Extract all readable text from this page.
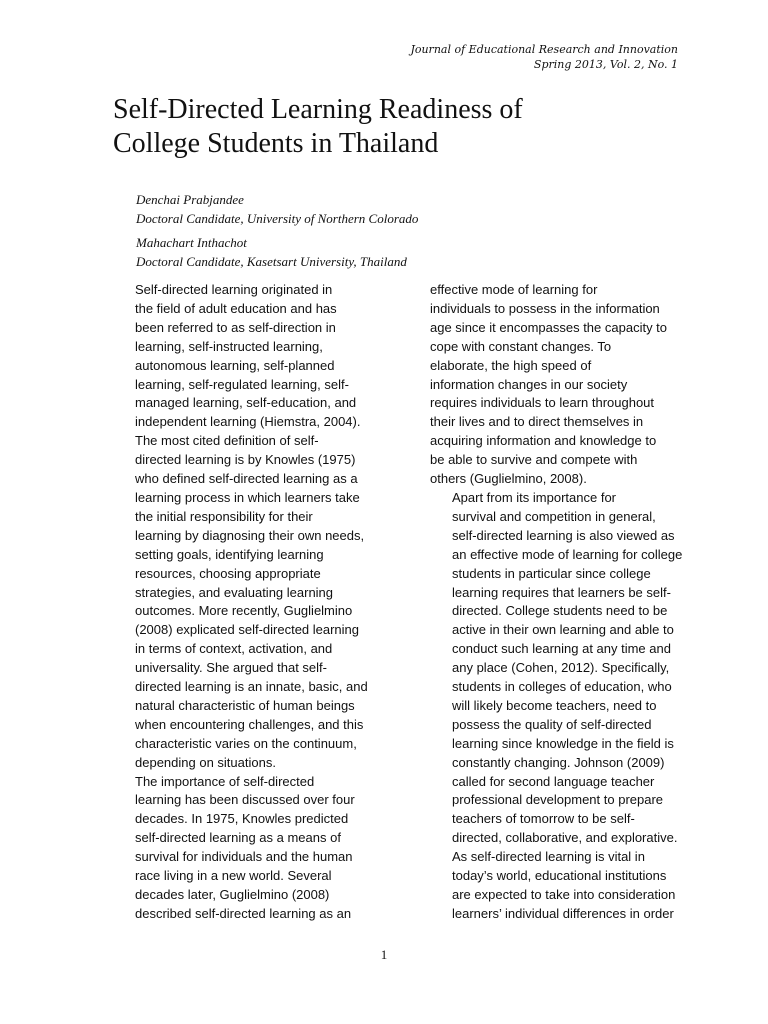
Journal of Educational Research and Innovation
Spring 2013, Vol. 2, No. 1
Self-Directed Learning Readiness of
College Students in Thailand
Denchai Prabjandee
Doctoral Candidate, University of Northern Colorado
Mahachart Inthachot
Doctoral Candidate, Kasetsart University, Thailand

Self-directed learning originated in
the field of adult education and has
been referred to as self-direction in
learning, self-instructed learning,
autonomous learning, self-planned
learning, self-regulated learning, self-
managed learning, self-education, and
independent learning (Hiemstra, 2004).
The most cited definition of self-
directed learning is by Knowles (1975)
who defined self-directed learning as a
learning process in which learners take
the initial responsibility for their
learning by diagnosing their own needs,
setting goals, identifying learning
resources, choosing appropriate
strategies, and evaluating learning
outcomes. More recently, Guglielmino
(2008) explicated self-directed learning
in terms of context, activation, and
universality. She argued that self-
directed learning is an innate, basic, and
natural characteristic of human beings
when encountering challenges, and this
characteristic varies on the continuum,
depending on situations.

The importance of self-directed
learning has been discussed over four
decades. In 1975, Knowles predicted
self-directed learning as a means of
survival for individuals and the human
race living in a new world. Several
decades later, Guglielmino (2008)
described self-directed learning as an

effective mode of learning for
individuals to possess in the information
age since it encompasses the capacity to
cope with constant changes. To
elaborate, the high speed of
information changes in our society
requires individuals to learn throughout
their lives and to direct themselves in
acquiring information and knowledge to
be able to survive and compete with
others (Guglielmino, 2008).

Apart from its importance for
survival and competition in general,
self-directed learning is also viewed as
an effective mode of learning for college
students in particular since college
learning requires that learners be self-
directed. College students need to be
active in their own learning and able to
conduct such learning at any time and
any place (Cohen, 2012). Specifically,
students in colleges of education, who
will likely become teachers, need to
possess the quality of self-directed
learning since knowledge in the field is
constantly changing. Johnson (2009)
called for second language teacher
professional development to prepare
teachers of tomorrow to be self-
directed, collaborative, and explorative.

As self-directed learning is vital in
today’s world, educational institutions
are expected to take into consideration
learners’ individual differences in order

1
